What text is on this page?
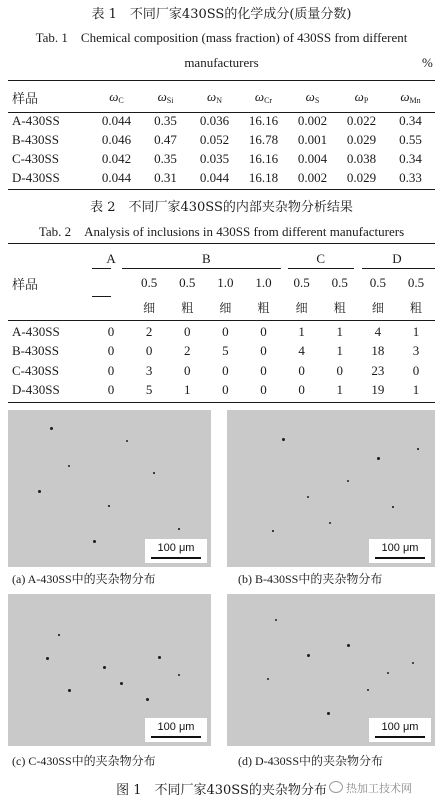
表 1　不同厂家430SS的化学成分(质量分数)
Tab. 1　Chemical composition (mass fraction) of 430SS from different
manufacturers	%
样品	$\omega_C$	$\omega_{Si}$	$\omega_N$	$\omega_{Cr}$	$\omega_S$	$\omega_P$	$\omega_{Mn}$
A-430SS	0.044	0.35	0.036	16.16	0.002	0.022	0.34
B-430SS	0.046	0.47	0.052	16.78	0.001	0.029	0.55
C-430SS	0.042	0.35	0.035	16.16	0.004	0.038	0.34
D-430SS	0.044	0.31	0.044	16.18	0.002	0.029	0.33
表 2　不同厂家430SS的内部夹杂物分析结果
Tab. 2　Analysis of inclusions in 430SS from different manufacturers
样品	A	B				C		D	
		0.5	0.5	1.0	1.0	0.5	0.5	0.5	0.5
		细	粗	细	粗	细	粗	细	粗
A-430SS	0	2	0	0	0	1	1	4	1
B-430SS	0	0	2	5	0	4	1	18	3
C-430SS	0	3	0	0	0	0	0	23	0
D-430SS	0	5	1	0	0	0	1	19	1
100 μm
(a) A-430SS中的夹杂物分布
100 μm
(b) B-430SS中的夹杂物分布
100 μm
(c) C-430SS中的夹杂物分布
100 μm
(d) D-430SS中的夹杂物分布
图 1　不同厂家430SS的夹杂物分布	热加工技术网
